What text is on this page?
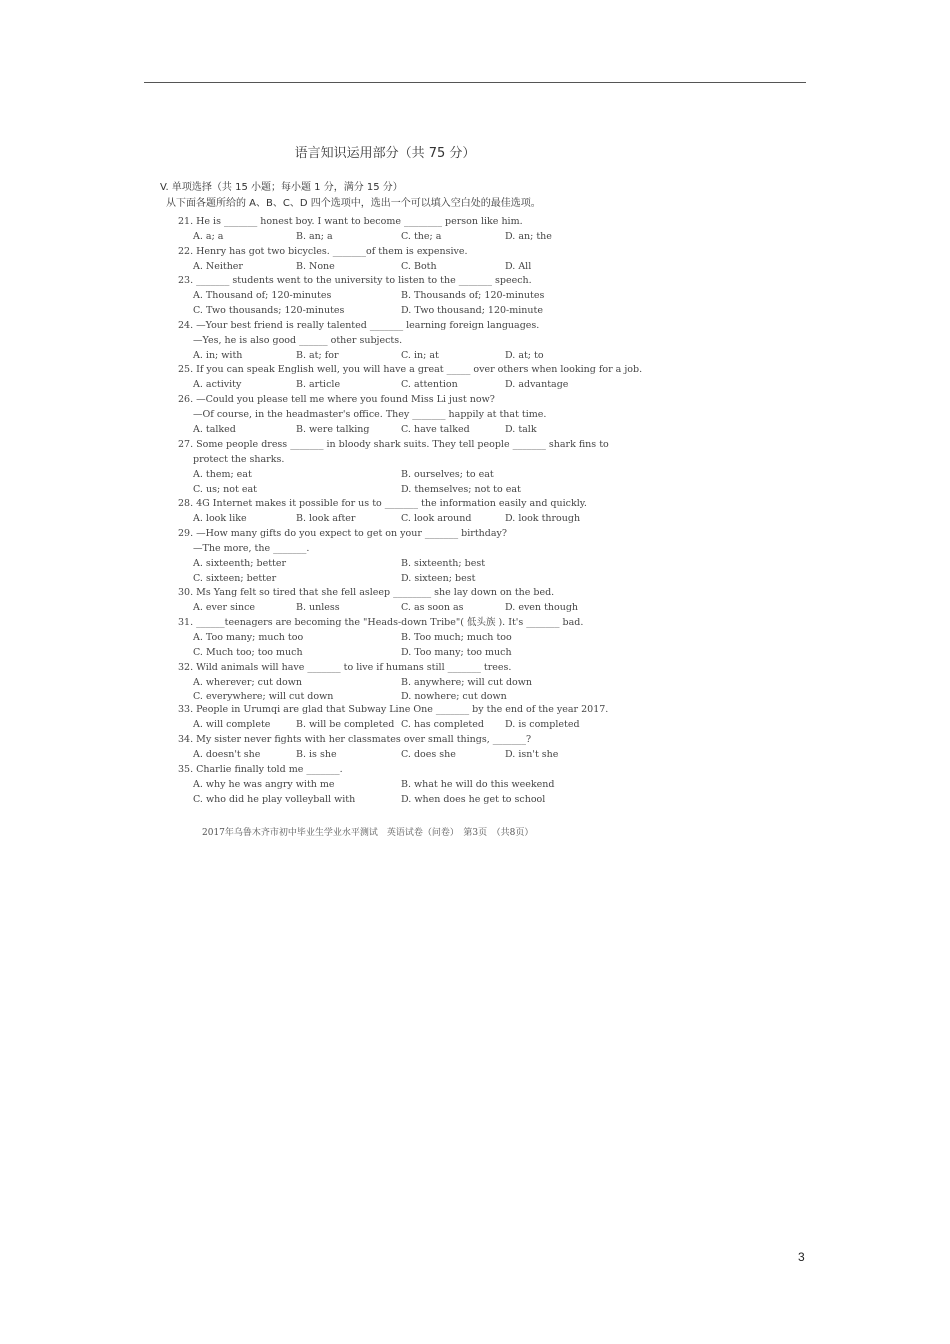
语言知识运用部分（共 75 分）
V. 单项选择（共 15 小题；每小题 1 分，满分 15 分）
从下面各题所给的 A、B、C、D 四个选项中，选出一个可以填入空白处的最佳选项。
21. He is _______ honest boy. I want to become ________ person like him.
A. a; a	B. an; a	C. the; a	D. an; the
22. Henry has got two bicycles. _______of them is expensive.
A. Neither	B. None	C. Both	D. All
23. _______ students went to the university to listen to the _______ speech.
A. Thousand of; 120-minutes	B. Thousands of; 120-minutes
C. Two thousands; 120-minutes	D. Two thousand; 120-minute
24. —Your best friend is really talented _______ learning foreign languages.
—Yes, he is also good ______ other subjects.
A. in; with	B. at; for	C. in; at	D. at; to
25. If you can speak English well, you will have a great _____ over others when looking for a job.
A. activity	B. article	C. attention	D. advantage
26. —Could you please tell me where you found Miss Li just now?
—Of course, in the headmaster's office. They _______ happily at that time.
A. talked	B. were talking	C. have talked	D. talk
27. Some people dress _______ in bloody shark suits. They tell people _______ shark fins to
protect the sharks.
A. them; eat	B. ourselves; to eat
C. us; not eat	D. themselves; not to eat
28. 4G Internet makes it possible for us to _______ the information easily and quickly.
A. look like	B. look after	C. look around	D. look through
29. —How many gifts do you expect to get on your _______ birthday?
—The more, the _______.
A. sixteenth; better	B. sixteenth; best
C. sixteen; better	D. sixteen; best
30. Ms Yang felt so tired that she fell asleep ________ she lay down on the bed.
A. ever since	B. unless	C. as soon as	D. even though
31. ______teenagers are becoming the "Heads-down Tribe"( 低头族 ). It's _______ bad.
A. Too many; much too	B. Too much; much too
C. Much too; too much	D. Too many; too much
32. Wild animals will have _______ to live if humans still _______ trees.
A. wherever; cut down	B. anywhere; will cut down
C. everywhere; will cut down	D. nowhere; cut down
33. People in Urumqi are glad that Subway Line One _______ by the end of the year 2017.
A. will complete	B. will be completed C. has completed D. is completed
34. My sister never fights with her classmates over small things, _______?
A. doesn't she	B. is she	C. does she	D. isn't she
35. Charlie finally told me _______.
A. why he was angry with me	B. what he will do this weekend
C. who did he play volleyball with	D. when does he get to school
2017年乌鲁木齐市初中毕业生学业水平测试　英语试卷（问卷）　第3页　（共8页）
3
